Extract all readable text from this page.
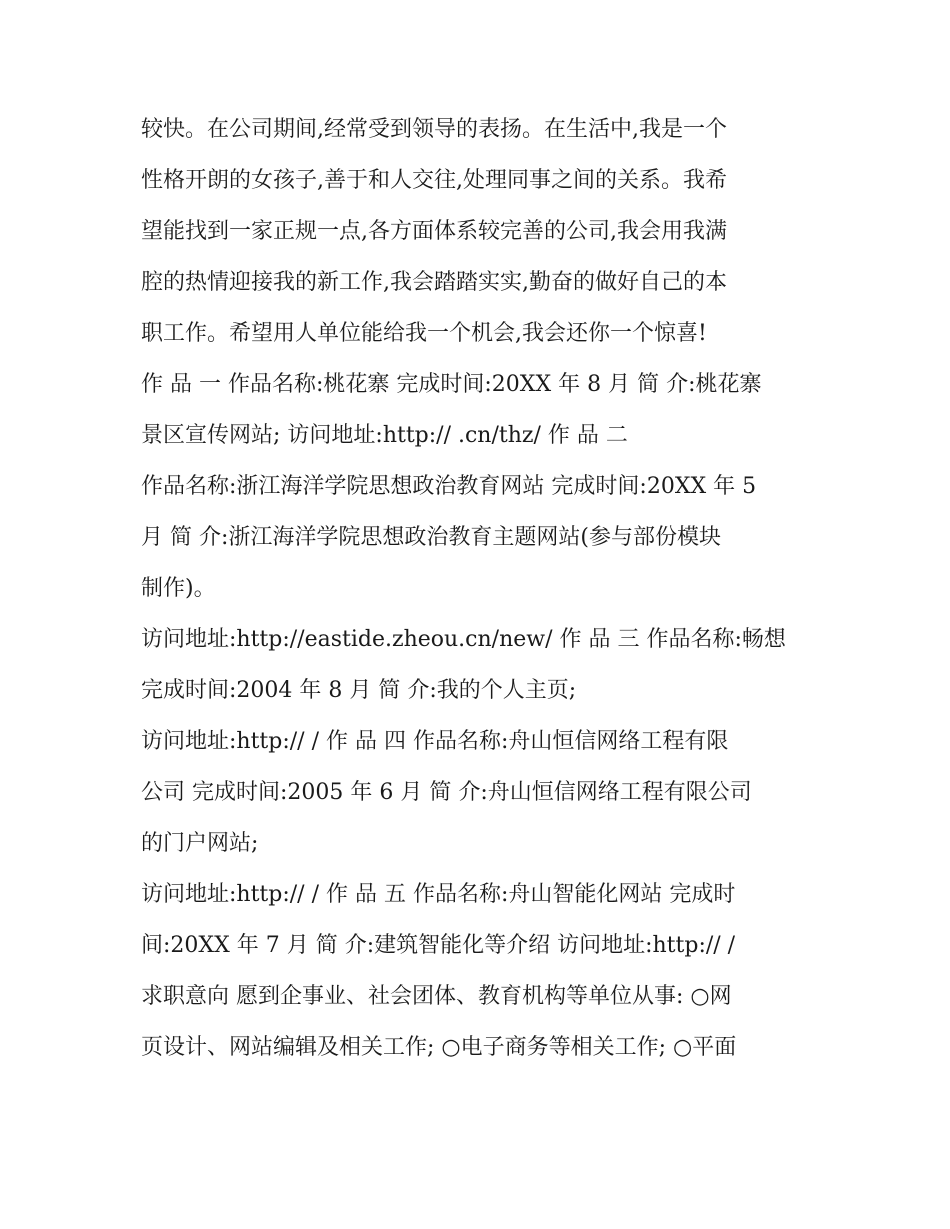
较快。在公司期间,经常受到领导的表扬。在生活中,我是一个
性格开朗的女孩子,善于和人交往,处理同事之间的关系。我希
望能找到一家正规一点,各方面体系较完善的公司,我会用我满
腔的热情迎接我的新工作,我会踏踏实实,勤奋的做好自己的本
职工作。希望用人单位能给我一个机会,我会还你一个惊喜!
作 品 一 作品名称:桃花寨 完成时间:20XX 年 8 月 简 介:桃花寨
景区宣传网站; 访问地址:http:// .cn/thz/ 作 品 二
作品名称:浙江海洋学院思想政治教育网站 完成时间:20XX 年 5
月 简 介:浙江海洋学院思想政治教育主题网站(参与部份模块
制作)。
访问地址:http://eastide.zheou.cn/new/ 作 品 三 作品名称:畅想
完成时间:2004 年 8 月 简 介:我的个人主页;
访问地址:http:// / 作 品 四 作品名称:舟山恒信网络工程有限
公司 完成时间:2005 年 6 月 简 介:舟山恒信网络工程有限公司
的门户网站;
访问地址:http:// / 作 品 五 作品名称:舟山智能化网站 完成时
间:20XX 年 7 月 简 介:建筑智能化等介绍 访问地址:http:// /
求职意向 愿到企事业、社会团体、教育机构等单位从事: ○网
页设计、网站编辑及相关工作; ○电子商务等相关工作; ○平面
